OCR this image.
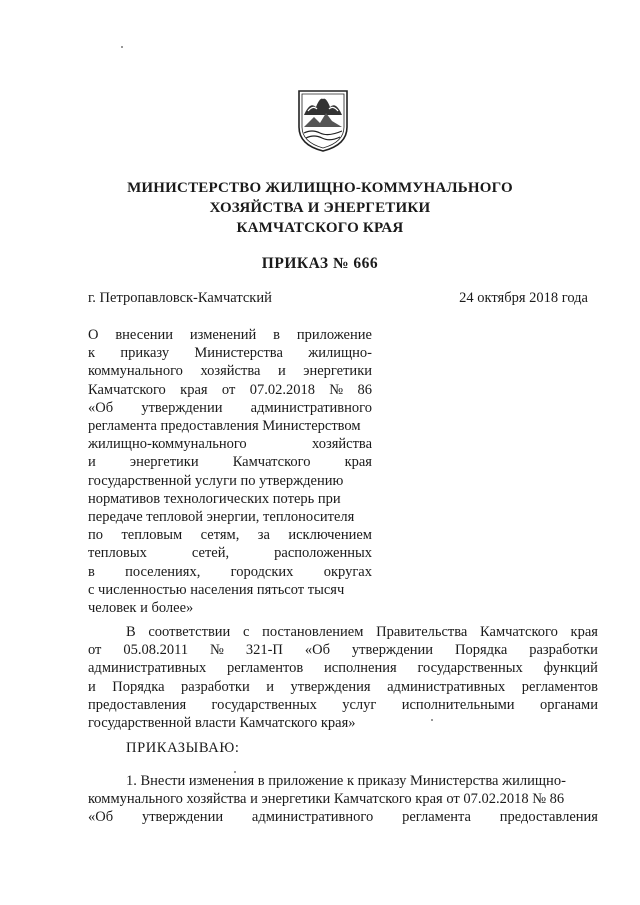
МИНИСТЕРСТВО ЖИЛИЩНО-КОММУНАЛЬНОГО
ХОЗЯЙСТВА И ЭНЕРГЕТИКИ
КАМЧАТСКОГО КРАЯ
ПРИКАЗ № 666
г. Петропавловск-Камчатский	24 октября 2018 года
О внесении изменений в приложение
к приказу Министерства жилищно-
коммунального хозяйства и энергетики
Камчатского края от 07.02.2018 № 86
«Об утверждении административного
регламента предоставления Министерством
жилищно-коммунального	хозяйства
и энергетики Камчатского края
государственной услуги по утверждению
нормативов технологических потерь при
передаче тепловой энергии, теплоносителя
по тепловым сетям, за исключением
тепловых	сетей,	расположенных
в поселениях, городских округах
с численностью населения пятьсот тысяч
человек и более»
В соответствии с постановлением Правительства Камчатского края
от 05.08.2011 № 321-П «Об утверждении Порядка разработки
административных регламентов исполнения государственных функций
и Порядка разработки и утверждения административных регламентов
предоставления государственных услуг исполнительными органами
государственной власти Камчатского края»
ПРИКАЗЫВАЮ:
1. Внести изменения в приложение к приказу Министерства жилищно-
коммунального хозяйства и энергетики Камчатского края от 07.02.2018 № 86
«Об утверждении административного регламента предоставления
